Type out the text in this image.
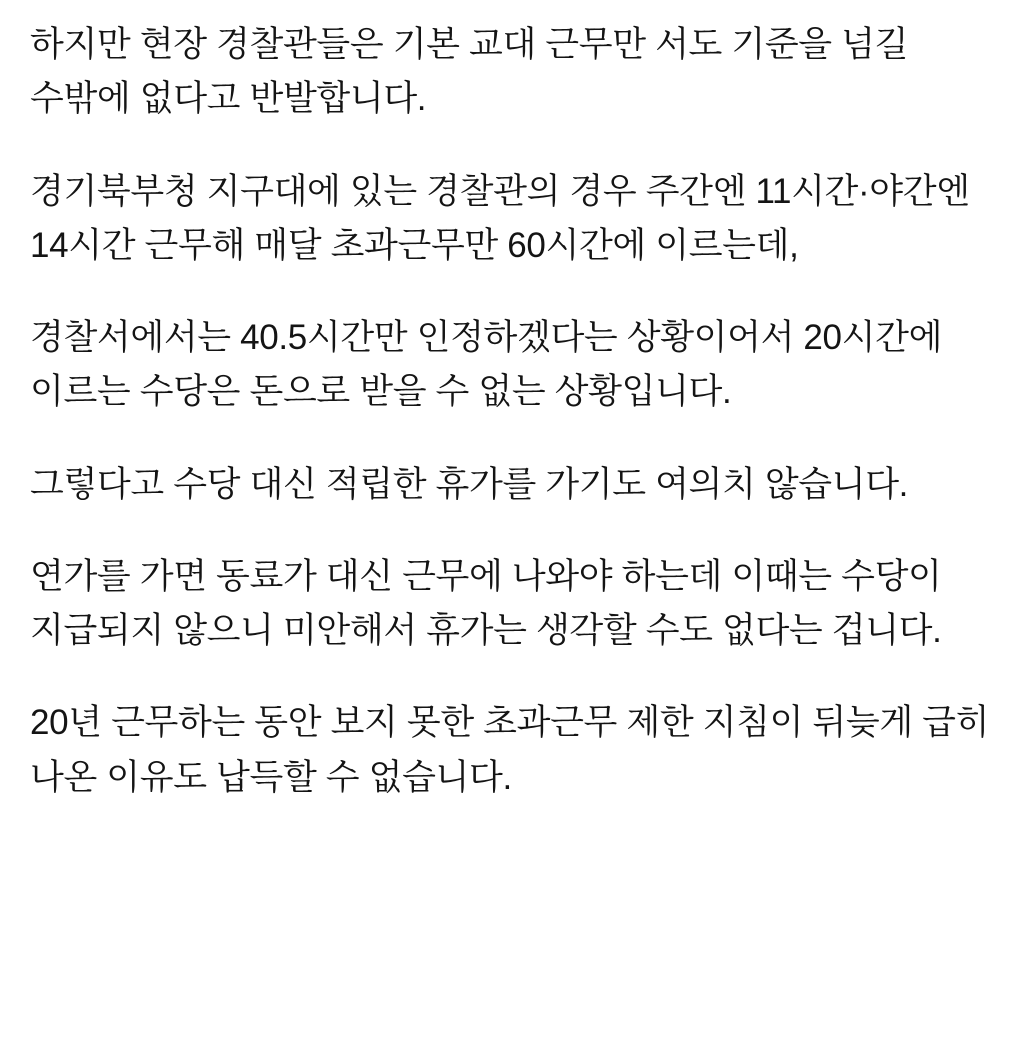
하지만 현장 경찰관들은 기본 교대 근무만 서도 기준을 넘길 수밖에 없다고 반발합니다.

경기북부청 지구대에 있는 경찰관의 경우 주간엔 11시간·야간엔 14시간 근무해 매달 초과근무만 60시간에 이르는데,

경찰서에서는 40.5시간만 인정하겠다는 상황이어서 20시간에 이르는 수당은 돈으로 받을 수 없는 상황입니다.

그렇다고 수당 대신 적립한 휴가를 가기도 여의치 않습니다.

연가를 가면 동료가 대신 근무에 나와야 하는데 이때는 수당이 지급되지 않으니 미안해서 휴가는 생각할 수도 없다는 겁니다.

20년 근무하는 동안 보지 못한 초과근무 제한 지침이 뒤늦게 급히 나온 이유도 납득할 수 없습니다.
